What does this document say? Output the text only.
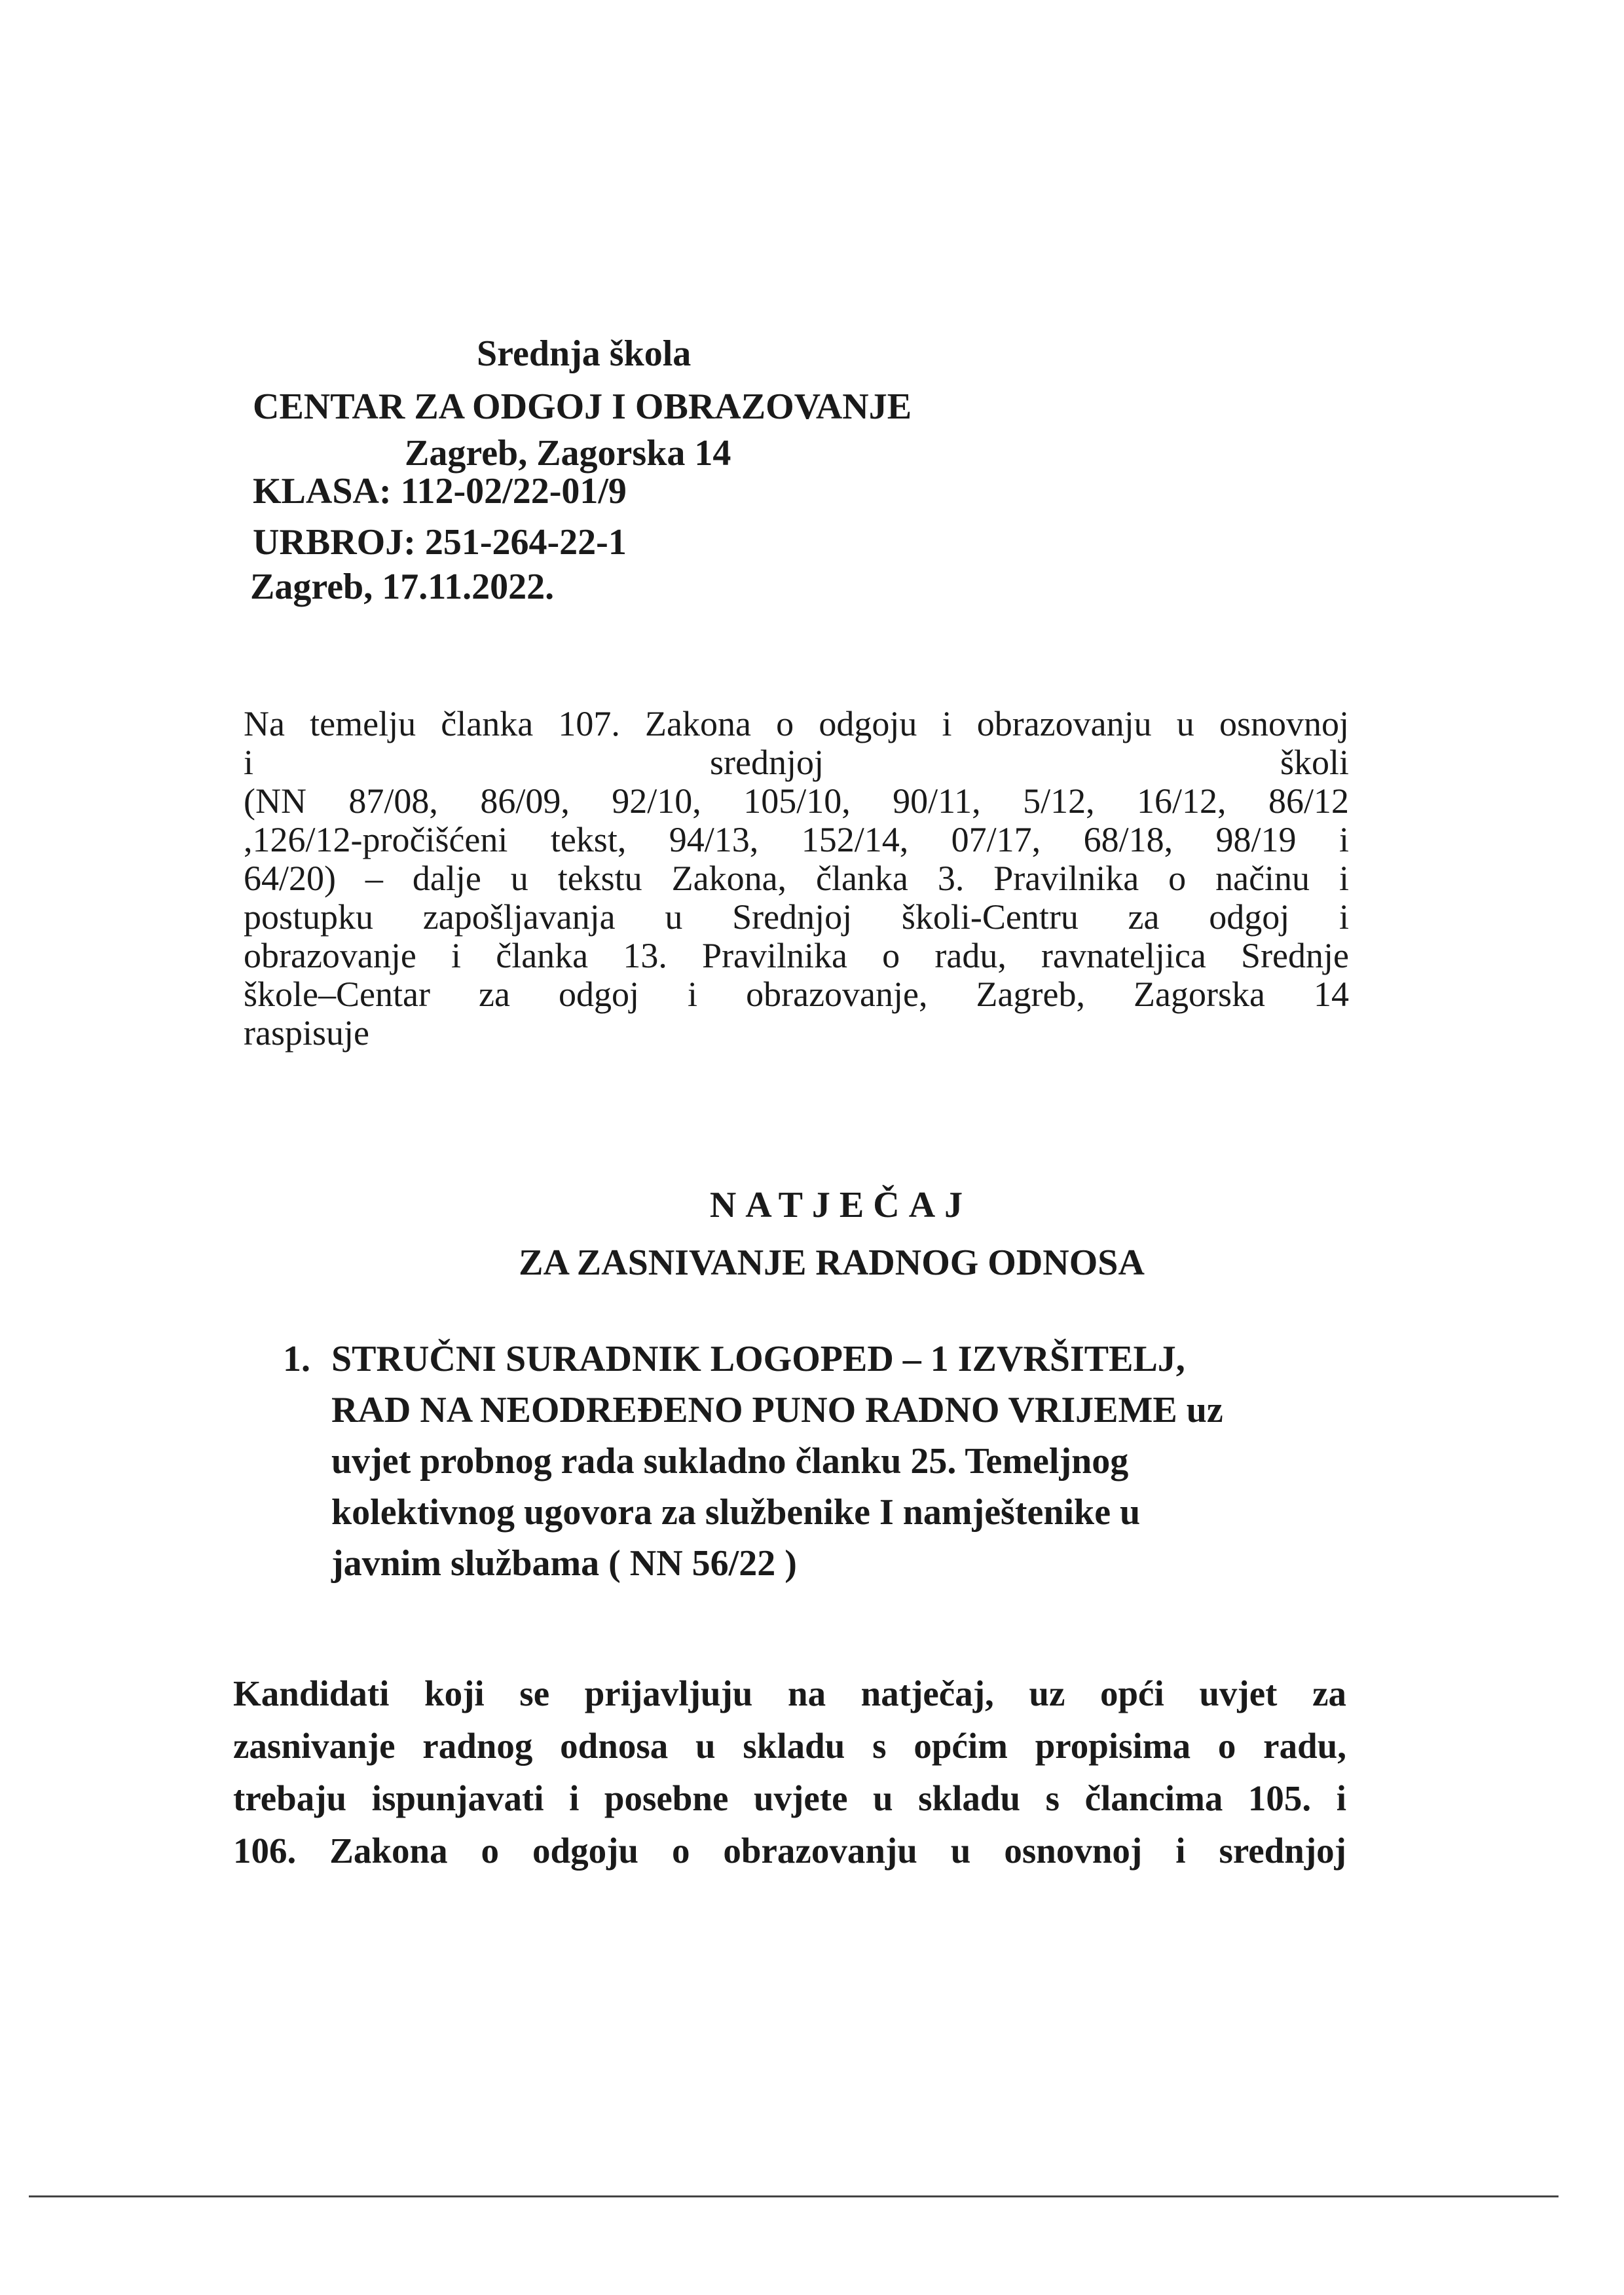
Srednja škola
CENTAR ZA ODGOJ I OBRAZOVANJE
Zagreb, Zagorska 14
KLASA: 112-02/22-01/9
URBROJ: 251-264-22-1
Zagreb, 17.11.2022.
Na temelju članka 107. Zakona o odgoju i obrazovanju u osnovnoj
i srednjoj školi
(NN 87/08, 86/09, 92/10, 105/10, 90/11, 5/12, 16/12, 86/12
,126/12-pročišćeni tekst, 94/13, 152/14, 07/17, 68/18, 98/19 i
64/20) – dalje u tekstu Zakona, članka 3. Pravilnika o načinu i
postupku zapošljavanja u Srednjoj školi-Centru za odgoj i
obrazovanje i članka 13. Pravilnika o radu, ravnateljica Srednje
škole–Centar za odgoj i obrazovanje, Zagreb, Zagorska 14
raspisuje
NATJEČAJ
ZA ZASNIVANJE RADNOG ODNOSA
1. STRUČNI SURADNIK LOGOPED – 1 IZVRŠITELJ,
RAD NA NEODREĐENO PUNO RADNO VRIJEME uz
uvjet probnog rada sukladno članku 25. Temeljnog
kolektivnog ugovora za službenike I namještenike u
javnim službama ( NN 56/22 )
Kandidati koji se prijavljuju na natječaj, uz opći uvjet za
zasnivanje radnog odnosa u skladu s općim propisima o radu,
trebaju ispunjavati i posebne uvjete u skladu s člancima 105. i
106. Zakona o odgoju o obrazovanju u osnovnoj i srednjoj
